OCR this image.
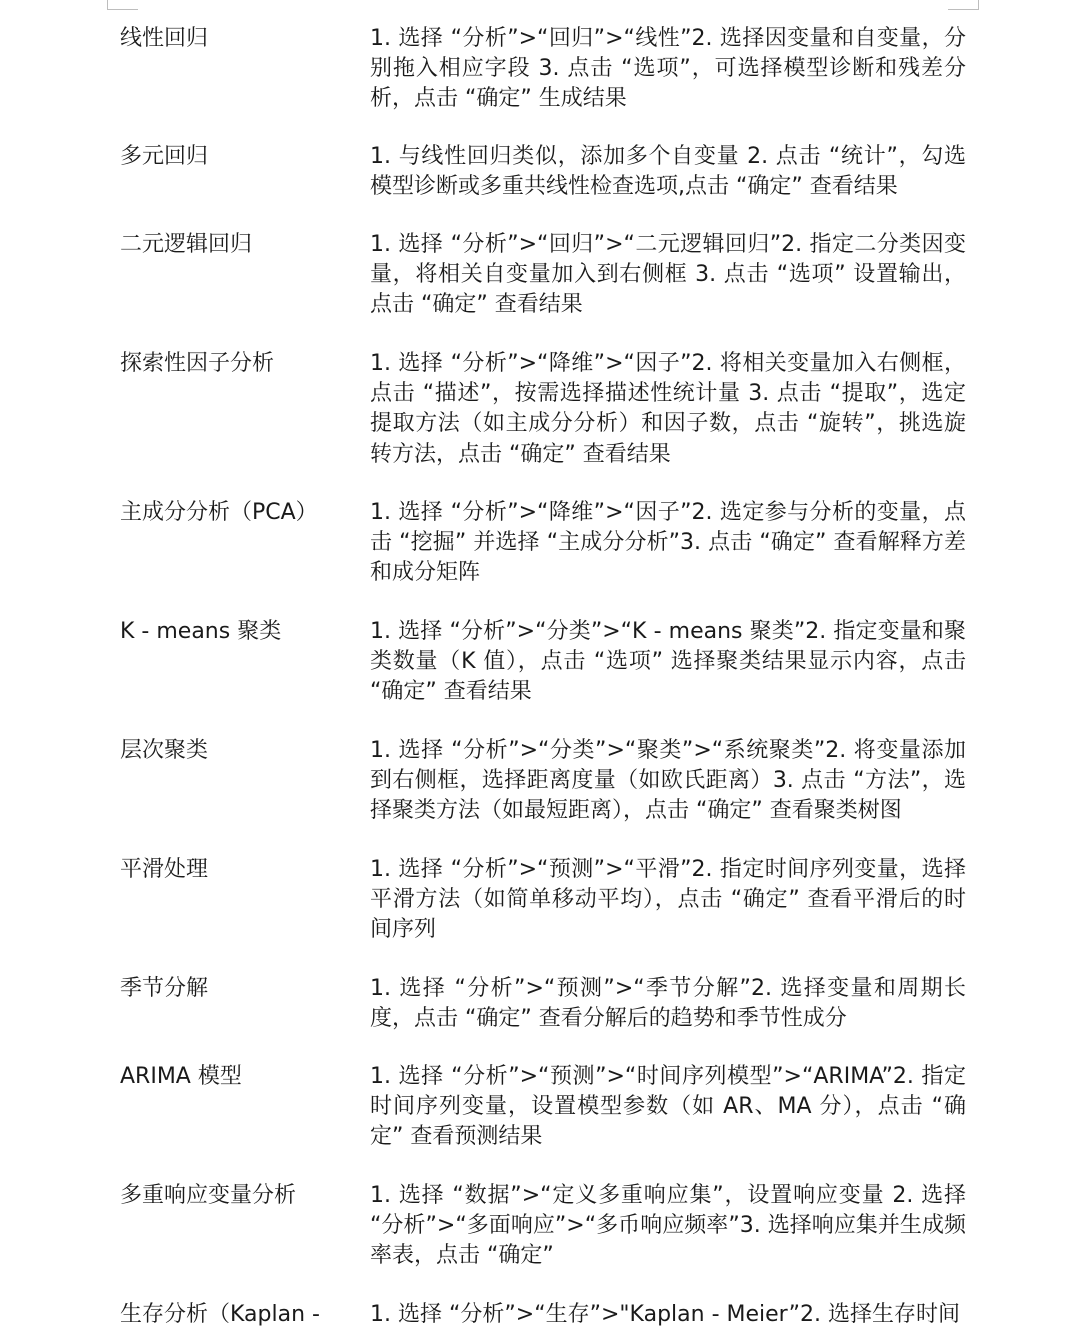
线性回归	1. 选择 “分析”>“回归”>“线性”2. 选择因变量和自变量，分别拖入相应字段 3. 点击 “选项”，可选择模型诊断和残差分析，点击 “确定” 生成结果
多元回归	1. 与线性回归类似，添加多个自变量 2. 点击 “统计”，勾选模型诊断或多重共线性检查选项,点击 “确定” 查看结果
二元逻辑回归	1. 选择 “分析”>“回归”>“二元逻辑回归”2. 指定二分类因变量，将相关自变量加入到右侧框 3. 点击 “选项” 设置输出，点击 “确定” 查看结果
探索性因子分析	1. 选择 “分析”>“降维”>“因子”2. 将相关变量加入右侧框，点击 “描述”，按需选择描述性统计量 3. 点击 “提取”，选定提取方法（如主成分分析）和因子数，点击 “旋转”，挑选旋转方法，点击 “确定” 查看结果
主成分分析（PCA）	1. 选择 “分析”>“降维”>“因子”2. 选定参与分析的变量，点击 “挖掘” 并选择 “主成分分析”3. 点击 “确定” 查看解释方差和成分矩阵
K - means 聚类	1. 选择 “分析”>“分类”>“K - means 聚类”2. 指定变量和聚类数量（K 值），点击 “选项” 选择聚类结果显示内容，点击 “确定” 查看结果
层次聚类	1. 选择 “分析”>“分类”>“聚类”>“系统聚类”2. 将变量添加到右侧框，选择距离度量（如欧氏距离）3. 点击 “方法”，选择聚类方法（如最短距离），点击 “确定” 查看聚类树图
平滑处理	1. 选择 “分析”>“预测”>“平滑”2. 指定时间序列变量，选择平滑方法（如简单移动平均），点击 “确定” 查看平滑后的时间序列
季节分解	1. 选择 “分析”>“预测”>“季节分解”2. 选择变量和周期长度，点击 “确定” 查看分解后的趋势和季节性成分
ARIMA 模型	1. 选择 “分析”>“预测”>“时间序列模型”>“ARIMA”2. 指定时间序列变量，设置模型参数（如 AR、MA 分），点击 “确定” 查看预测结果
多重响应变量分析	1. 选择 “数据”>“定义多重响应集”，设置响应变量 2. 选择 “分析”>“多面响应”>“多币响应频率”3. 选择响应集并生成频率表，点击 “确定”
生存分析（Kaplan -	1. 选择 “分析”>“生存”>"Kaplan - Meier”2. 选择生存时间
